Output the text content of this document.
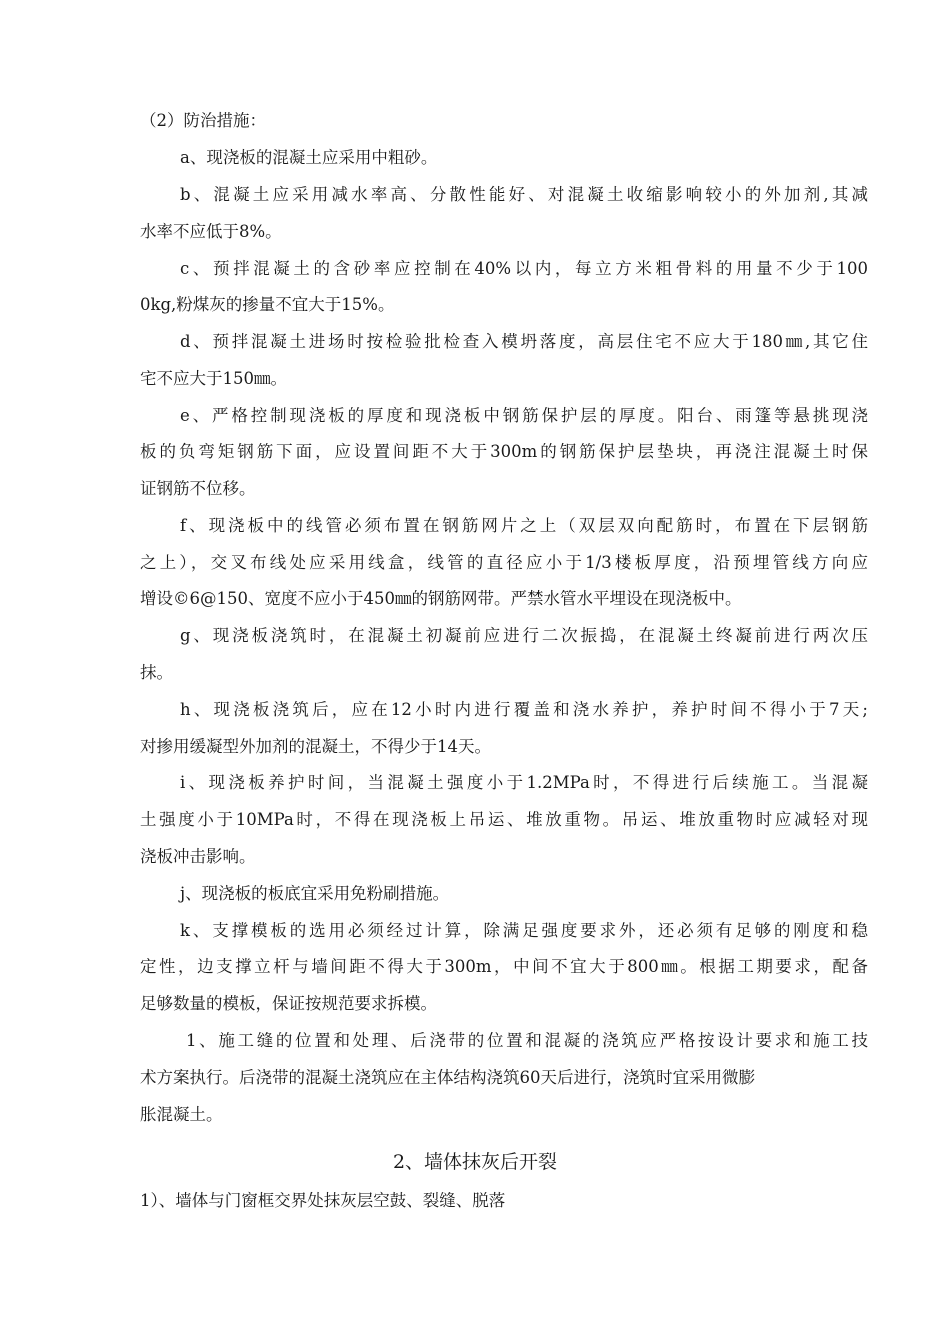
（2）防治措施：
a、现浇板的混凝土应采用中粗砂。
b、混凝土应采用减水率高、分散性能好、对混凝土收缩影响较小的外加剂,其减
水率不应低于8%。
c、预拌混凝土的含砂率应控制在40%以内，每立方米粗骨料的用量不少于100
0kg,粉煤灰的掺量不宜大于15%。
d、预拌混凝土进场时按检验批检查入模坍落度，高层住宅不应大于180㎜,其它住
宅不应大于150㎜。
e、严格控制现浇板的厚度和现浇板中钢筋保护层的厚度。阳台、雨篷等悬挑现浇
板的负弯矩钢筋下面，应设置间距不大于300m的钢筋保护层垫块，再浇注混凝土时保
证钢筋不位移。
f、现浇板中的线管必须布置在钢筋网片之上（双层双向配筋时，布置在下层钢筋
之上），交叉布线处应采用线盒，线管的直径应小于1/3楼板厚度，沿预埋管线方向应
增设©6@150、宽度不应小于450㎜的钢筋网带。严禁水管水平埋设在现浇板中。
g、现浇板浇筑时，在混凝土初凝前应进行二次振捣，在混凝土终凝前进行两次压
抹。
h、现浇板浇筑后，应在12小时内进行覆盖和浇水养护，养护时间不得小于7天;
对掺用缓凝型外加剂的混凝土，不得少于14天。
i、现浇板养护时间，当混凝土强度小于1.2MPa时，不得进行后续施工。当混凝
土强度小于10MPa时，不得在现浇板上吊运、堆放重物。吊运、堆放重物时应减轻对现
浇板冲击影响。
j、现浇板的板底宜采用免粉刷措施。
k、支撑模板的选用必须经过计算，除满足强度要求外，还必须有足够的刚度和稳
定性，边支撑立杆与墙间距不得大于300m，中间不宜大于800㎜。根据工期要求，配备
足够数量的模板，保证按规范要求拆模。
1、施工缝的位置和处理、后浇带的位置和混凝的浇筑应严格按设计要求和施工技
术方案执行。后浇带的混凝土浇筑应在主体结构浇筑60天后进行，浇筑时宜采用微膨
胀混凝土。
2、墙体抹灰后开裂
1）、墙体与门窗框交界处抹灰层空鼓、裂缝、脱落
